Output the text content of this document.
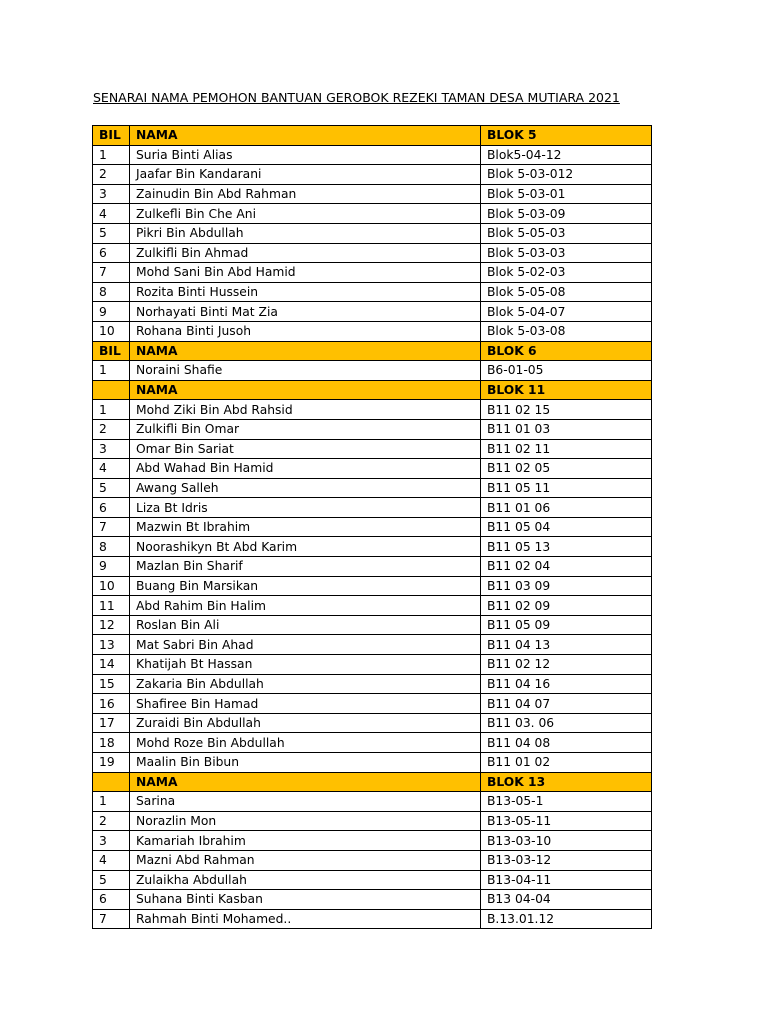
SENARAI NAMA PEMOHON BANTUAN GEROBOK REZEKI TAMAN DESA MUTIARA 2021
BIL	NAMA	BLOK 5
1	Suria Binti Alias	Blok5-04-12
2	Jaafar Bin Kandarani	Blok 5-03-012
3	Zainudin Bin Abd Rahman	Blok 5-03-01
4	Zulkefli Bin Che Ani	Blok 5-03-09
5	Pikri Bin Abdullah	Blok 5-05-03
6	Zulkifli Bin Ahmad	Blok 5-03-03
7	Mohd Sani Bin Abd Hamid	Blok 5-02-03
8	Rozita Binti Hussein	Blok 5-05-08
9	Norhayati Binti Mat Zia	Blok 5-04-07
10	Rohana Binti Jusoh	Blok 5-03-08
BIL	NAMA	BLOK 6
1	Noraini Shafie	B6-01-05
	NAMA	BLOK 11
1	Mohd Ziki Bin Abd Rahsid	B11 02 15
2	Zulkifli Bin Omar	B11 01 03
3	Omar Bin Sariat	B11 02 11
4	Abd Wahad Bin Hamid	B11 02 05
5	Awang Salleh	B11 05 11
6	Liza Bt Idris	B11 01 06
7	Mazwin Bt Ibrahim	B11 05 04
8	Noorashikyn Bt Abd Karim	B11 05 13
9	Mazlan Bin Sharif	B11 02 04
10	Buang Bin Marsikan	B11 03 09
11	Abd Rahim Bin Halim	B11 02 09
12	Roslan Bin Ali	B11 05 09
13	Mat Sabri Bin Ahad	B11 04 13
14	Khatijah Bt Hassan	B11 02 12
15	Zakaria Bin Abdullah	B11 04 16
16	Shafiree Bin Hamad	B11 04 07
17	Zuraidi Bin Abdullah	B11 03. 06
18	Mohd Roze Bin Abdullah	B11 04 08
19	Maalin Bin Bibun	B11 01 02
	NAMA	BLOK 13
1	Sarina	B13-05-1
2	Norazlin Mon	B13-05-11
3	Kamariah Ibrahim	B13-03-10
4	Mazni Abd Rahman	B13-03-12
5	Zulaikha Abdullah	B13-04-11
6	Suhana Binti Kasban	B13 04-04
7	Rahmah Binti Mohamed..	B.13.01.12
